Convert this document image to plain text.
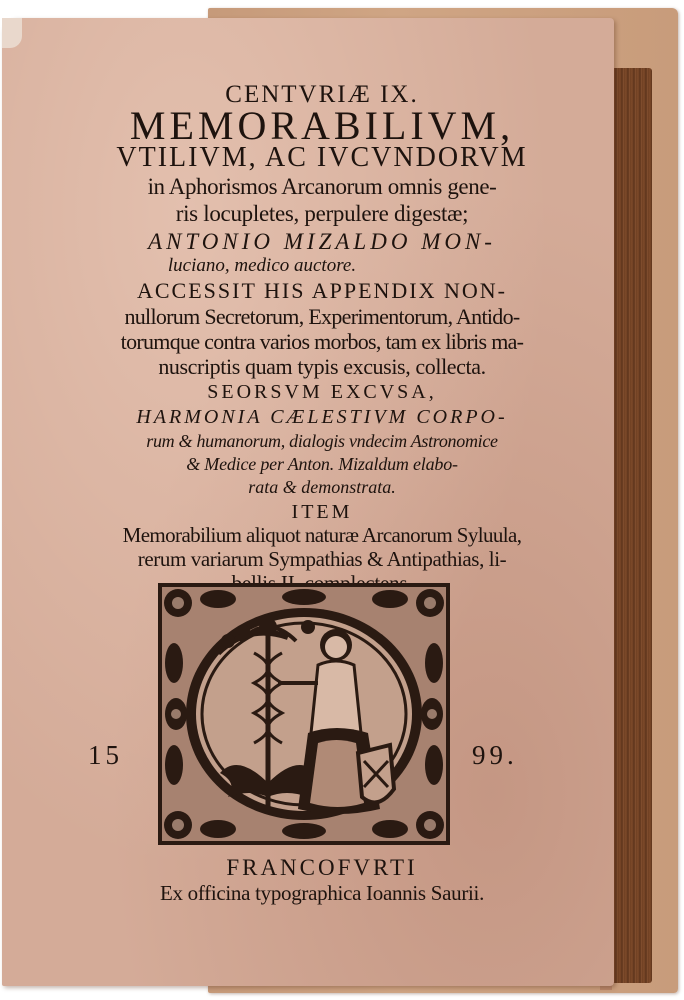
CENTVRIÆ IX.
MEMORABILIVM,
VTILIVM, AC IVCVNDORVM
in Aphorismos Arcanorum omnis gene-
ris locupletes, perpulere digestæ;
ANTONIO MIZALDO MON-
luciano, medico auctore.
ACCESSIT HIS APPENDIX NON-
nullorum Secretorum, Experimentorum, Antido-
torumque contra varios morbos, tam ex libris ma-
nuscriptis quam typis excusis, collecta.
SEORSVM EXCVSA,
HARMONIA CÆLESTIVM CORPO-
rum & humanorum, dialogis vndecim Astronomice
& Medice per Anton. Mizaldum elabo-
rata & demonstrata.
ITEM
Memorabilium aliquot naturæ Arcanorum Syluula,
rerum variarum Sympathias & Antipathias, li-
15	99.
FRANCOFVRTI
Ex officina typographica Ioannis Saurii.
